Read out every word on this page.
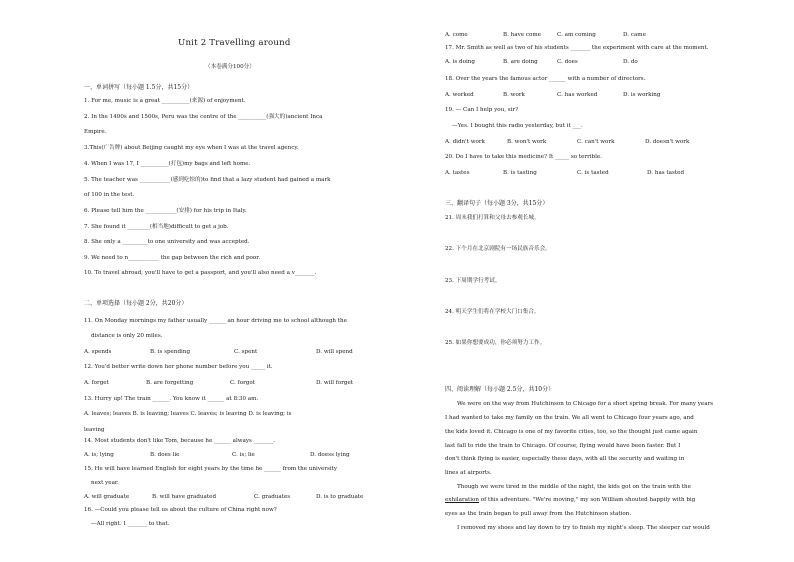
Unit 2 Travelling around
（本卷满分100分）
一、单词拼写（每小题 1.5分，共15分）
1. For me, music is a great __________(来源) of enjoyment.
2. In the 1400s and 1500s, Peru was the centre of the __________(强大的)ancient Inca
Empire.
3.This(广告牌) about Beijing caught my eye when I was at the travel agency.
4. When I was 17, I __________(打包)my bags and left home.
5. The teacher was ___________(感到吃惊的)to find that a lazy student had gained a mark
of 100 in the test.
6. Please tell him the ___________(安排) for his trip in Italy.
7. She found it ________(相当地)difficult to get a job.
8. She only a _________to one university and was accepted.
9. We need to n___________ the gap between the rich and poor.
10. To travel abroad, you'll have to get a passport, and you'll also need a v_______.
二、单项选择（每小题 2分，共20分）
11. On Monday mornings my father usually ______ an hour driving me to school although the
distance is only 20 miles.
A. spends	B. is spending	C. spent	D. will spend
12. You'd better write down her phone number before you _____ it.
A. forget	B. are forgetting	C. forgot	D. will forget
13. Hurry up! The train ______. You know it ______ at 8:30 am.
A. leaves; leaves B. is leaving; leaves C. leaves; is leaving D. is leaving; is
leaving
14. Most students don't like Tom, because he ______ always _______.
A. is; lying	B. does lie	C. is; lie	D. doess lying
15. He will have learned English for eight years by the time he ______ from the university
next year.
A. will graduate	B. will have graduated	C. graduates	D. is to graduate
16. —Could you please tell us about the culture of China right now?
—All right. I _______ to that.
A. come	B. have come	C. am coming	D. came
17. Mr. Smith as well as two of his students _______ the experiment with care at the moment.
A. is doing	B. are doing	C. does	D. do
18. Over the years the famous actor ______ with a number of directors.
A. worked	B. work	C. has worked	D. is working
19. — Can I help you, sir?
—Yes. I bought this radio yesterday, but it ___.
A. didn't work	B. won't work	C. can't work	D. doesn't work
20. Do I have to take this medicine? It _____ so terrible.
A. tastes	B. is tasting	C. is tasted	D. has tasted
三、翻译句子（每小题 3分，共15分）
21. 周末我们打算和父母去参观长城。
22. 下个月在北京剧院有一场民族音乐会。
23. 下周期学行考试。
24. 明天学生们将在学校大门口集合。
25. 如果你想要成功，你必须努力工作。
四、阅读理解（每小题 2.5分，共10分）
We were on the way from Hutchinson to Chicago for a short spring break. For many years
I had wanted to take my family on the train. We all went to Chicago four years ago, and
the kids loved it. Chicago is one of my favorite cities, too, so the thought just came again
last fall to ride the train to Chicago. Of course, flying would have been faster. But I
don't think flying is easier, especially these days, with all the security and waiting in
lines at airports.
Though we were tired in the middle of the night, the kids got on the train with the
exhilaration of this adventure. "We're moving," my son William shouted happily with big
eyes as the train began to pull away from the Hutchinson station.
I removed my shoes and lay down to try to finish my night's sleep. The sleeper car would
